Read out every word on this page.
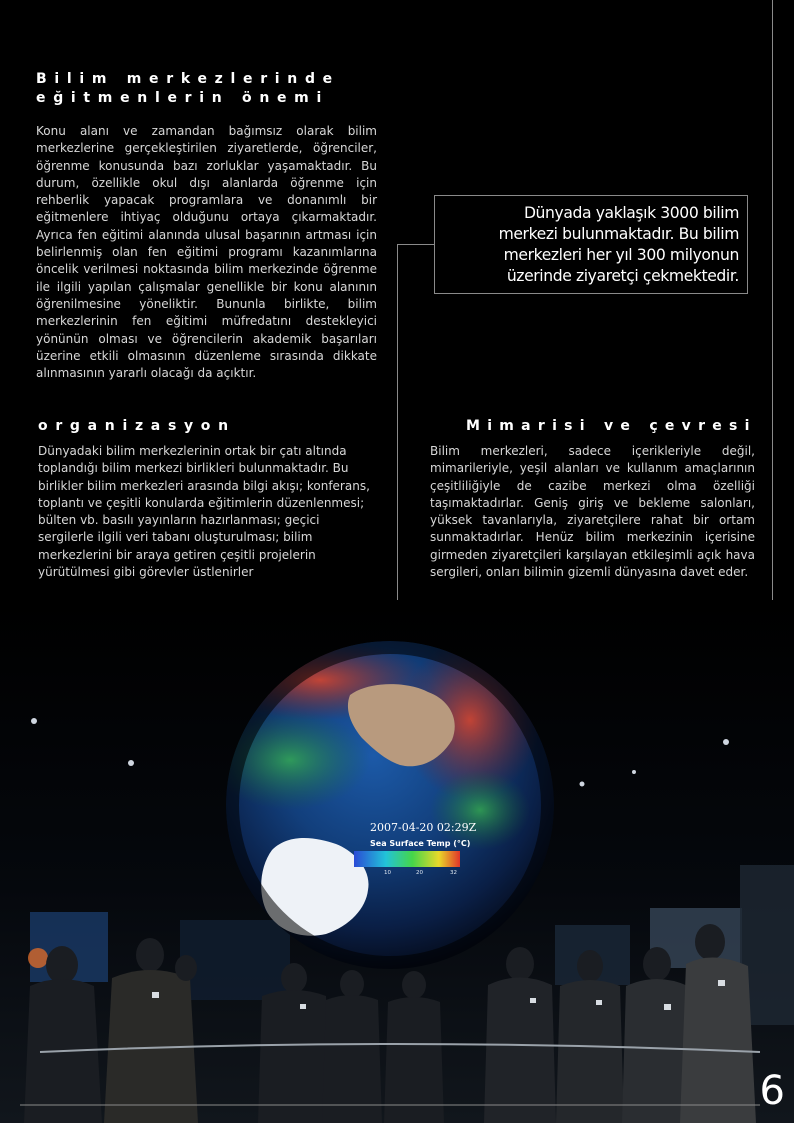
Bilim merkezlerinde
eğitmenlerin önemi

Konu alanı ve zamandan bağımsız olarak bilim merkezlerine gerçekleştirilen ziyaretlerde, öğrenciler, öğrenme konusunda bazı zorluklar yaşamaktadır. Bu durum, özellikle okul dışı alanlarda öğrenme için rehberlik yapacak programlara ve donanımlı bir eğitmenlere ihtiyaç olduğunu ortaya çıkarmaktadır. Ayrıca fen eğitimi alanında ulusal başarının artması için belirlenmiş olan fen eğitimi programı kazanımlarına öncelik verilmesi noktasında bilim merkezinde öğrenme ile ilgili yapılan çalışmalar genellikle bir konu alanının öğrenilmesine yöneliktir. Bununla birlikte, bilim merkezlerinin fen eğitimi müfredatını destekleyici yönünün olması ve öğrencilerin akademik başarıları üzerine etkili olmasının düzenleme sırasında dikkate alınmasının yararlı olacağı da açıktır.

Dünyada yaklaşık 3000 bilim
merkezi bulunmaktadır. Bu bilim
merkezleri her yıl 300 milyonun
üzerinde ziyaretçi çekmektedir.
organizasyon

Dünyadaki bilim merkezlerinin ortak bir çatı altında toplandığı bilim merkezi birlikleri bulunmaktadır. Bu birlikler bilim merkezleri arasında bilgi akışı; konferans, toplantı ve çeşitli konularda eğitimlerin düzenlenmesi; bülten vb. basılı yayınların hazırlanması; geçici sergilerle ilgili veri tabanı oluşturulması; bilim merkezlerini bir araya getiren çeşitli projelerin yürütülmesi gibi görevler üstlenirler

Mimarisi ve çevresi

Bilim merkezleri, sadece içerikleriyle değil, mimarileriyle, yeşil alanları ve kullanım amaçlarının çeşitliliğiyle de cazibe merkezi olma özelliği taşımaktadırlar. Geniş giriş ve bekleme salonları, yüksek tavanlarıyla, ziyaretçilere rahat bir ortam sunmaktadırlar. Henüz bilim merkezinin içerisine girmeden ziyaretçileri karşılayan etkileşimli açık hava sergileri, onları bilimin gizemli dünyasına davet eder.

2007-04-20 02:29Z
Sea Surface Temp (°C)
10	20	32
6
